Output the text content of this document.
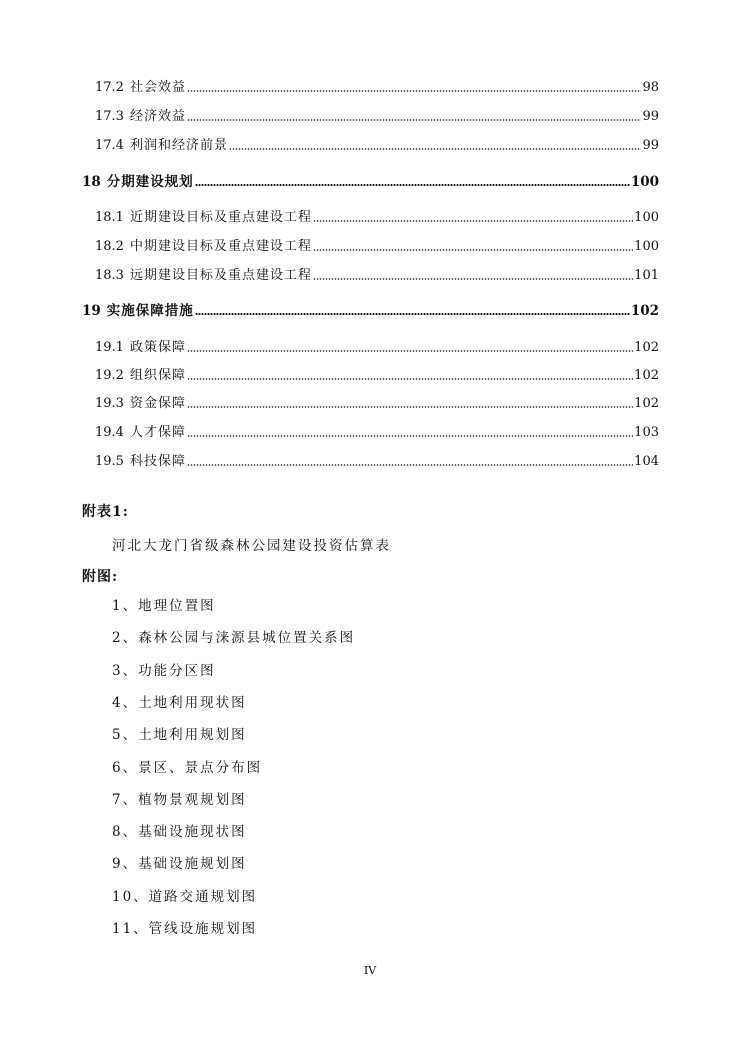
17.2 社会效益	98
17.3 经济效益	99
17.4 利润和经济前景	99
18 分期建设规划	100
18.1 近期建设目标及重点建设工程	100
18.2 中期建设目标及重点建设工程	100
18.3 远期建设目标及重点建设工程	101
19 实施保障措施	102
19.1 政策保障	102
19.2 组织保障	102
19.3 资金保障	102
19.4 人才保障	103
19.5 科技保障	104
附表1:
河北大龙门省级森林公园建设投资估算表
附图:
1、地理位置图
2、森林公园与涞源县城位置关系图
3、功能分区图
4、土地利用现状图
5、土地利用规划图
6、景区、景点分布图
7、植物景观规划图
8、基础设施现状图
9、基础设施规划图
10、道路交通规划图
11、管线设施规划图
IV
